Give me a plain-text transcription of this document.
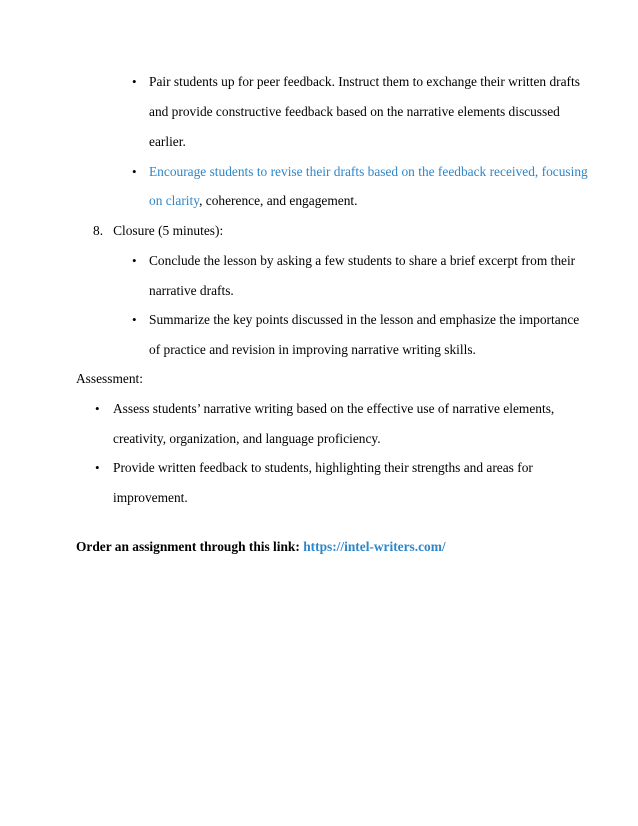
• Pair students up for peer feedback. Instruct them to exchange their written drafts
and provide constructive feedback based on the narrative elements discussed
earlier.
• Encourage students to revise their drafts based on the feedback received, focusing
on clarity, coherence, and engagement.
8.   Closure (5 minutes):
• Conclude the lesson by asking a few students to share a brief excerpt from their
narrative drafts.
• Summarize the key points discussed in the lesson and emphasize the importance
of practice and revision in improving narrative writing skills.
Assessment:
• Assess students’ narrative writing based on the effective use of narrative elements,
creativity, organization, and language proficiency.
• Provide written feedback to students, highlighting their strengths and areas for
improvement.
Order an assignment through this link: https://intel-writers.com/
